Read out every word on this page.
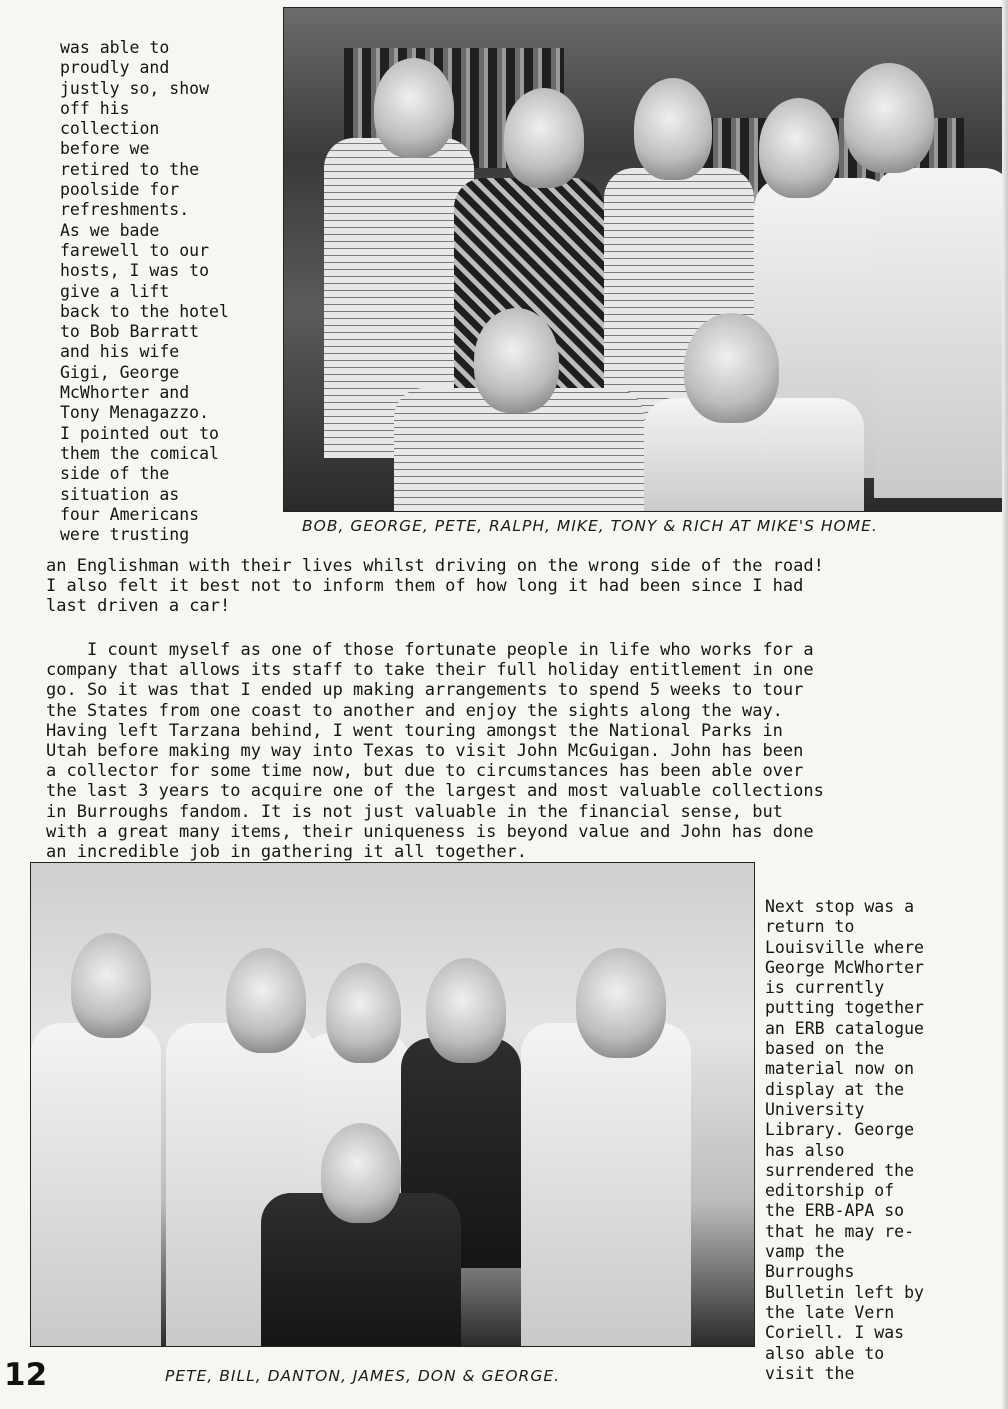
was able to
proudly and
justly so, show
off his
collection
before we
retired to the
poolside for
refreshments.
As we bade
farewell to our
hosts, I was to
give a lift
back to the hotel
to Bob Barratt
and his wife
Gigi, George
McWhorter and
Tony Menagazzo.
I pointed out to
them the comical
side of the
situation as
four Americans
were trusting	BOB, GEORGE, PETE, RALPH, MIKE, TONY & RICH AT MIKE'S HOME.
an Englishman with their lives whilst driving on the wrong side of the road!
I also felt it best not to inform them of how long it had been since I had
last driven a car!
I count myself as one of those fortunate people in life who works for a
company that allows its staff to take their full holiday entitlement in one
go. So it was that I ended up making arrangements to spend 5 weeks to tour
the States from one coast to another and enjoy the sights along the way.
Having left Tarzana behind, I went touring amongst the National Parks in
Utah before making my way into Texas to visit John McGuigan. John has been
a collector for some time now, but due to circumstances has been able over
the last 3 years to acquire one of the largest and most valuable collections
in Burroughs fandom. It is not just valuable in the financial sense, but
with a great many items, their uniqueness is beyond value and John has done
an incredible job in gathering it all together.
Next stop was a
return to
Louisville where
George McWhorter
is currently
putting together
an ERB catalogue
based on the
material now on
display at the
University
Library. George
has also
surrendered the
editorship of
the ERB-APA so
that he may re-
vamp the
Burroughs
Bulletin left by
the late Vern
Coriell. I was
also able to
visit the
12	PETE, BILL, DANTON, JAMES, DON & GEORGE.
